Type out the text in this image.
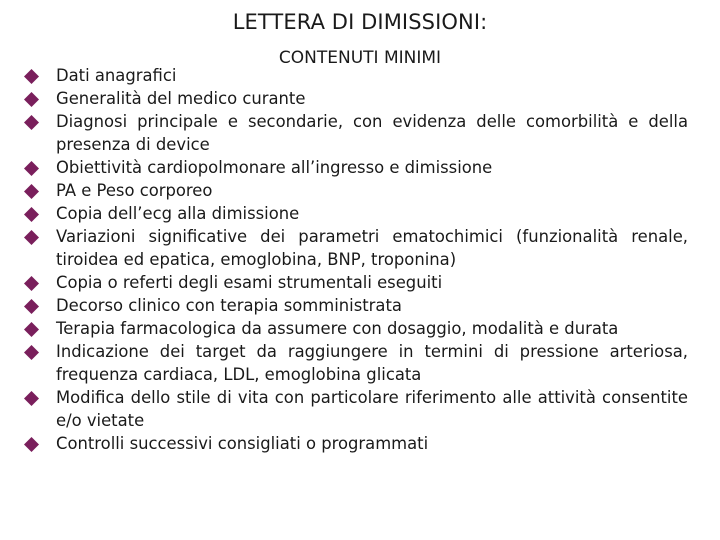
LETTERA DI DIMISSIONI:
CONTENUTI MINIMI
Dati anagrafici
Generalità del medico curante
Diagnosi principale e secondarie, con evidenza delle comorbilità e della presenza di device
Obiettività cardiopolmonare all’ingresso e dimissione
PA e Peso corporeo
Copia dell’ecg alla dimissione
Variazioni significative dei parametri ematochimici (funzionalità renale, tiroidea ed epatica, emoglobina, BNP, troponina)
Copia o referti degli esami strumentali eseguiti
Decorso clinico con terapia somministrata
Terapia farmacologica da assumere con dosaggio, modalità e durata
Indicazione dei target da raggiungere in termini di pressione arteriosa, frequenza cardiaca, LDL, emoglobina glicata
Modifica dello stile di vita con particolare riferimento alle attività consentite e/o vietate
Controlli successivi consigliati o programmati
